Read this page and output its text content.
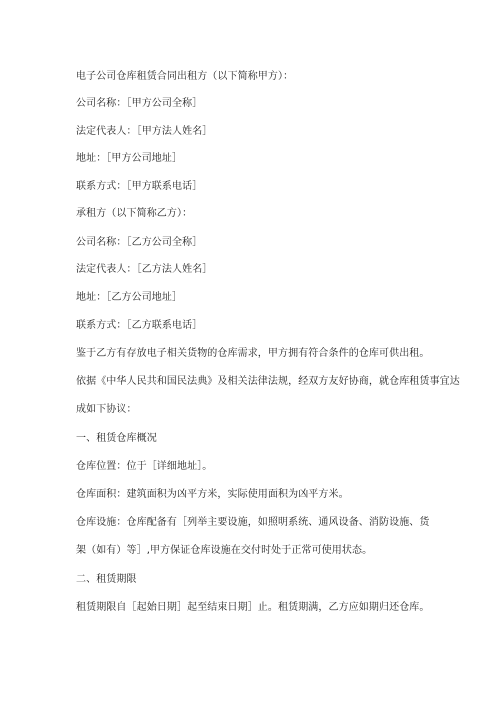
电子公司仓库租赁合同出租方（以下简称甲方）：
公司名称：［甲方公司全称］
法定代表人：［甲方法人姓名］
地址：［甲方公司地址］
联系方式：［甲方联系电话］
承租方（以下简称乙方）：
公司名称：［乙方公司全称］
法定代表人：［乙方法人姓名］
地址：［乙方公司地址］
联系方式：［乙方联系电话］
鉴于乙方有存放电子相关货物的仓库需求，甲方拥有符合条件的仓库可供出租。
依据《中华人民共和国民法典》及相关法律法规，经双方友好协商，就仓库租赁事宜达
成如下协议：
一、租赁仓库概况
仓库位置：位于［详细地址］。
仓库面积：建筑面积为凶平方米，实际使用面积为凶平方米。
仓库设施：仓库配备有［列举主要设施，如照明系统、通风设备、消防设施、货
架（如有）等］,甲方保证仓库设施在交付时处于正常可使用状态。
二、租赁期限
租赁期限自［起始日期］起至结束日期］止。租赁期满，乙方应如期归还仓库。
